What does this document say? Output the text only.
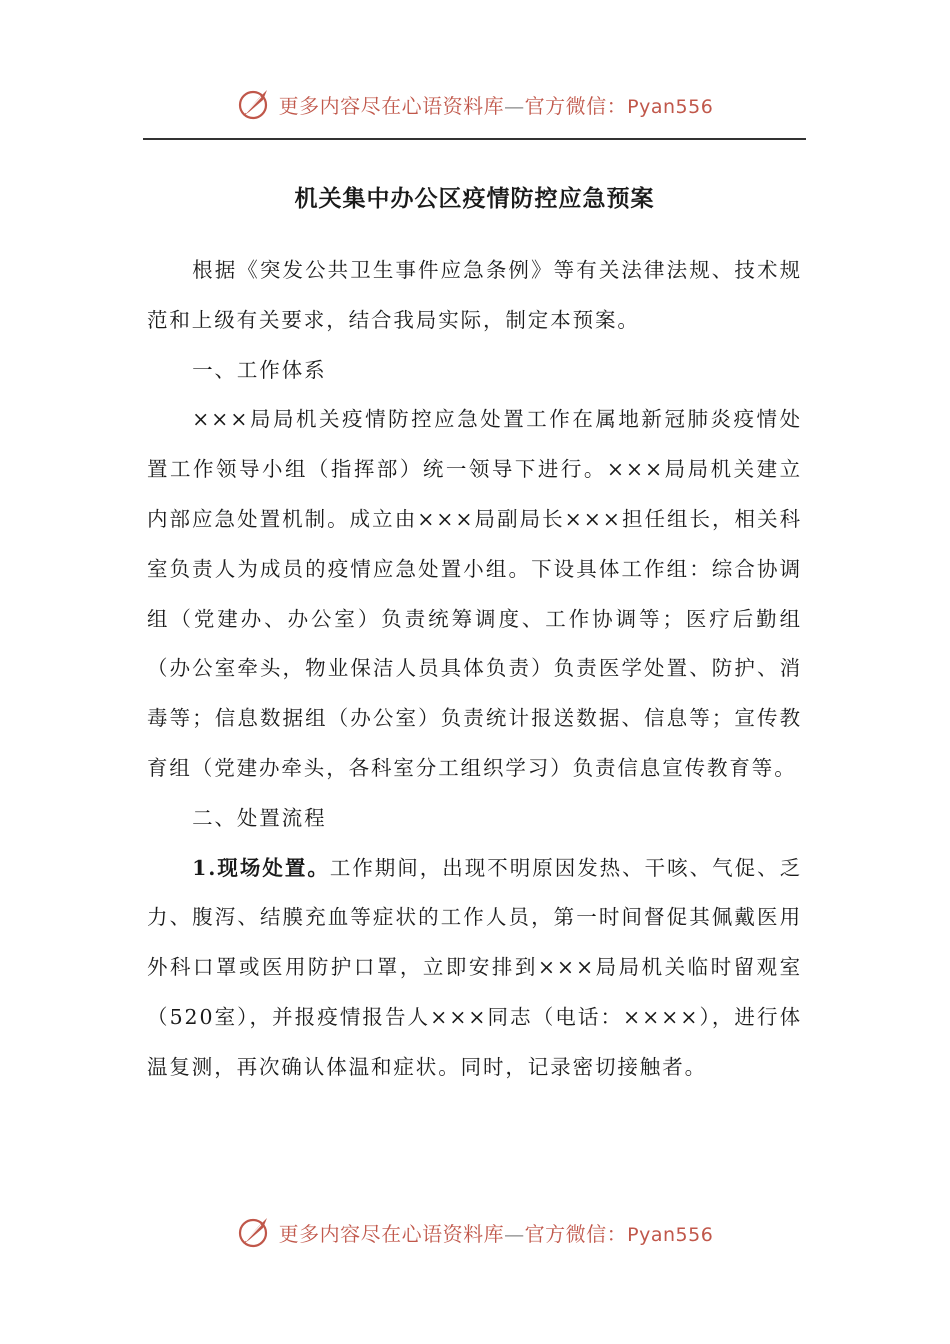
更多内容尽在心语资料库—官方微信：Pyan556
机关集中办公区疫情防控应急预案

根据《突发公共卫生事件应急条例》等有关法律法规、技术规范和上级有关要求，结合我局实际，制定本预案。

一、工作体系

×××局局机关疫情防控应急处置工作在属地新冠肺炎疫情处置工作领导小组（指挥部）统一领导下进行。×××局局机关建立内部应急处置机制。成立由×××局副局长×××担任组长，相关科室负责人为成员的疫情应急处置小组。下设具体工作组：综合协调组（党建办、办公室）负责统筹调度、工作协调等；医疗后勤组（办公室牵头，物业保洁人员具体负责）负责医学处置、防护、消毒等；信息数据组（办公室）负责统计报送数据、信息等；宣传教育组（党建办牵头，各科室分工组织学习）负责信息宣传教育等。

二、处置流程

1.现场处置。工作期间，出现不明原因发热、干咳、气促、乏力、腹泻、结膜充血等症状的工作人员，第一时间督促其佩戴医用外科口罩或医用防护口罩，立即安排到×××局局机关临时留观室（520室），并报疫情报告人×××同志（电话：××××），进行体温复测，再次确认体温和症状。同时，记录密切接触者。

更多内容尽在心语资料库—官方微信：Pyan556
